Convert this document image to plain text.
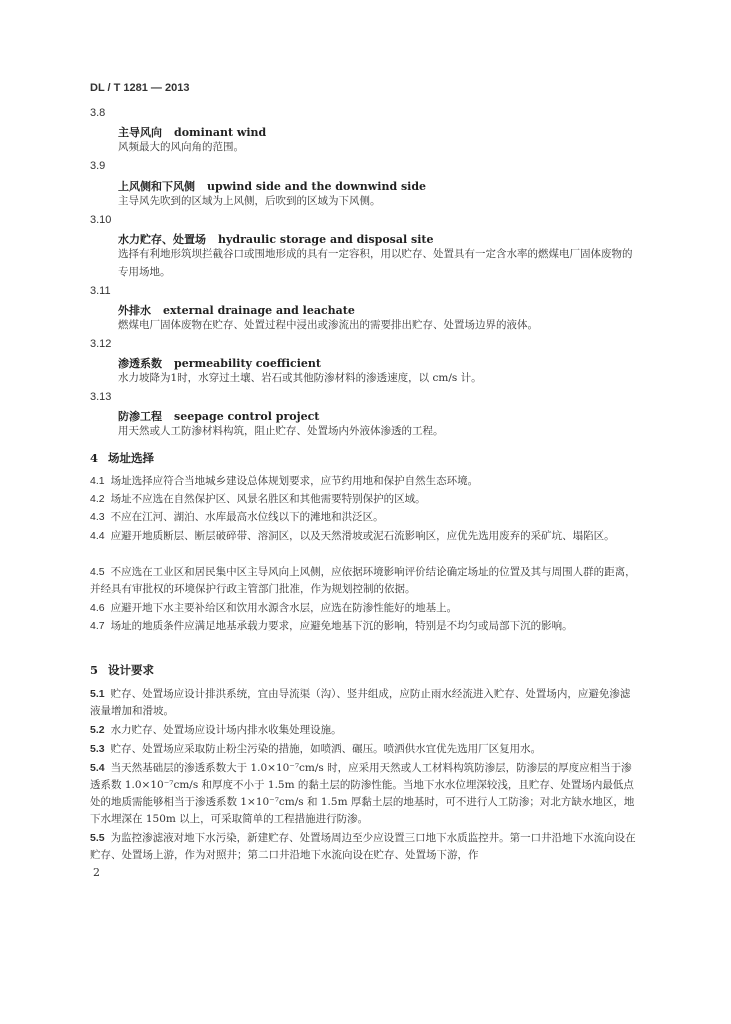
DL / T 1281 — 2013
3.8
主导风向 dominant wind
风频最大的风向角的范围。
3.9
上风侧和下风侧 upwind side and the downwind side
主导风先吹到的区域为上风侧，后吹到的区域为下风侧。
3.10
水力贮存、处置场 hydraulic storage and disposal site
选择有利地形筑坝拦截谷口或围地形成的具有一定容积，用以贮存、处置具有一定含水率的燃煤电厂固体废物的专用场地。
3.11
外排水 external drainage and leachate
燃煤电厂固体废物在贮存、处置过程中浸出或渗流出的需要排出贮存、处置场边界的液体。
3.12
渗透系数 permeability coefficient
水力坡降为1时，水穿过土壤、岩石或其他防渗材料的渗透速度，以 cm/s 计。
3.13
防渗工程 seepage control project
用天然或人工防渗材料构筑，阻止贮存、处置场内外液体渗透的工程。
4 场址选择
4.1 场址选择应符合当地城乡建设总体规划要求，应节约用地和保护自然生态环境。
4.2 场址不应选在自然保护区、风景名胜区和其他需要特别保护的区域。
4.3 不应在江河、湖泊、水库最高水位线以下的滩地和洪泛区。
4.4 应避开地质断层、断层破碎带、溶洞区，以及天然滑坡或泥石流影响区，应优先选用废弃的采矿坑、塌陷区。
4.5 不应选在工业区和居民集中区主导风向上风侧，应依据环境影响评价结论确定场址的位置及其与周围人群的距离，并经具有审批权的环境保护行政主管部门批准，作为规划控制的依据。
4.6 应避开地下水主要补给区和饮用水源含水层，应选在防渗性能好的地基上。
4.7 场址的地质条件应满足地基承载力要求，应避免地基下沉的影响，特别是不均匀或局部下沉的影响。
5 设计要求
5.1 贮存、处置场应设计排洪系统，宜由导流渠（沟）、竖井组成，应防止雨水经流进入贮存、处置场内，应避免渗滤液量增加和滑坡。
5.2 水力贮存、处置场应设计场内排水收集处理设施。
5.3 贮存、处置场应采取防止粉尘污染的措施，如喷洒、碾压。喷洒供水宜优先选用厂区复用水。
5.4 当天然基础层的渗透系数大于 1.0×10⁻⁷cm/s 时，应采用天然或人工材料构筑防渗层，防渗层的厚度应相当于渗透系数 1.0×10⁻⁷cm/s 和厚度不小于 1.5m 的黏土层的防渗性能。当地下水水位埋深较浅，且贮存、处置场内最低点处的地质需能够相当于渗透系数 1×10⁻⁷cm/s 和 1.5m 厚黏土层的地基时，可不进行人工防渗；对北方缺水地区，地下水埋深在 150m 以上，可采取简单的工程措施进行防渗。
5.5 为监控渗滤液对地下水污染，新建贮存、处置场周边至少应设置三口地下水质监控井。第一口井沿地下水流向设在贮存、处置场上游，作为对照井；第二口井沿地下水流向设在贮存、处置场下游，作
2
